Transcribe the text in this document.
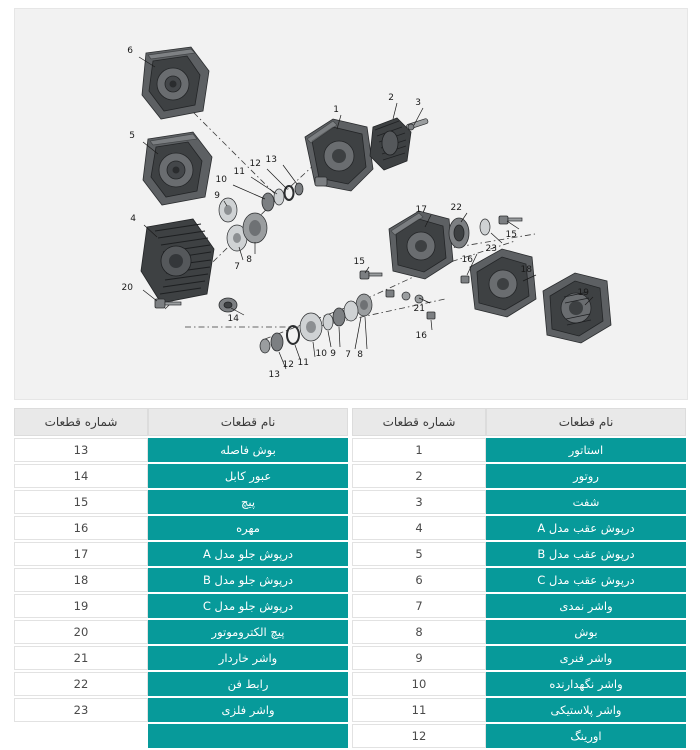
6
5
4
20
14
1
2 3
7
8
9
10
11
12 13
17	22
23
15
16
18
19
21
15
7 8
9
10
11
12
13
16
نام قطعات	شماره قطعات
بوش فاصله	13
عبور کابل	14
پیچ	15
مهره	16
درپوش جلو مدل A	17
درپوش جلو مدل B	18
درپوش جلو مدل C	19
پیچ الکتروموتور	20
واشر خاردار	21
رابط فن	22
واشر فلزی	23

نام قطعات	شماره قطعات
استاتور	1
روتور	2
شفت	3
درپوش عقب مدل A	4
درپوش عقب مدل B	5
درپوش عقب مدل C	6
واشر نمدی	7
بوش	8
واشر فنری	9
واشر نگهدارنده	10
واشر پلاستیکی	11
اورینگ	12
